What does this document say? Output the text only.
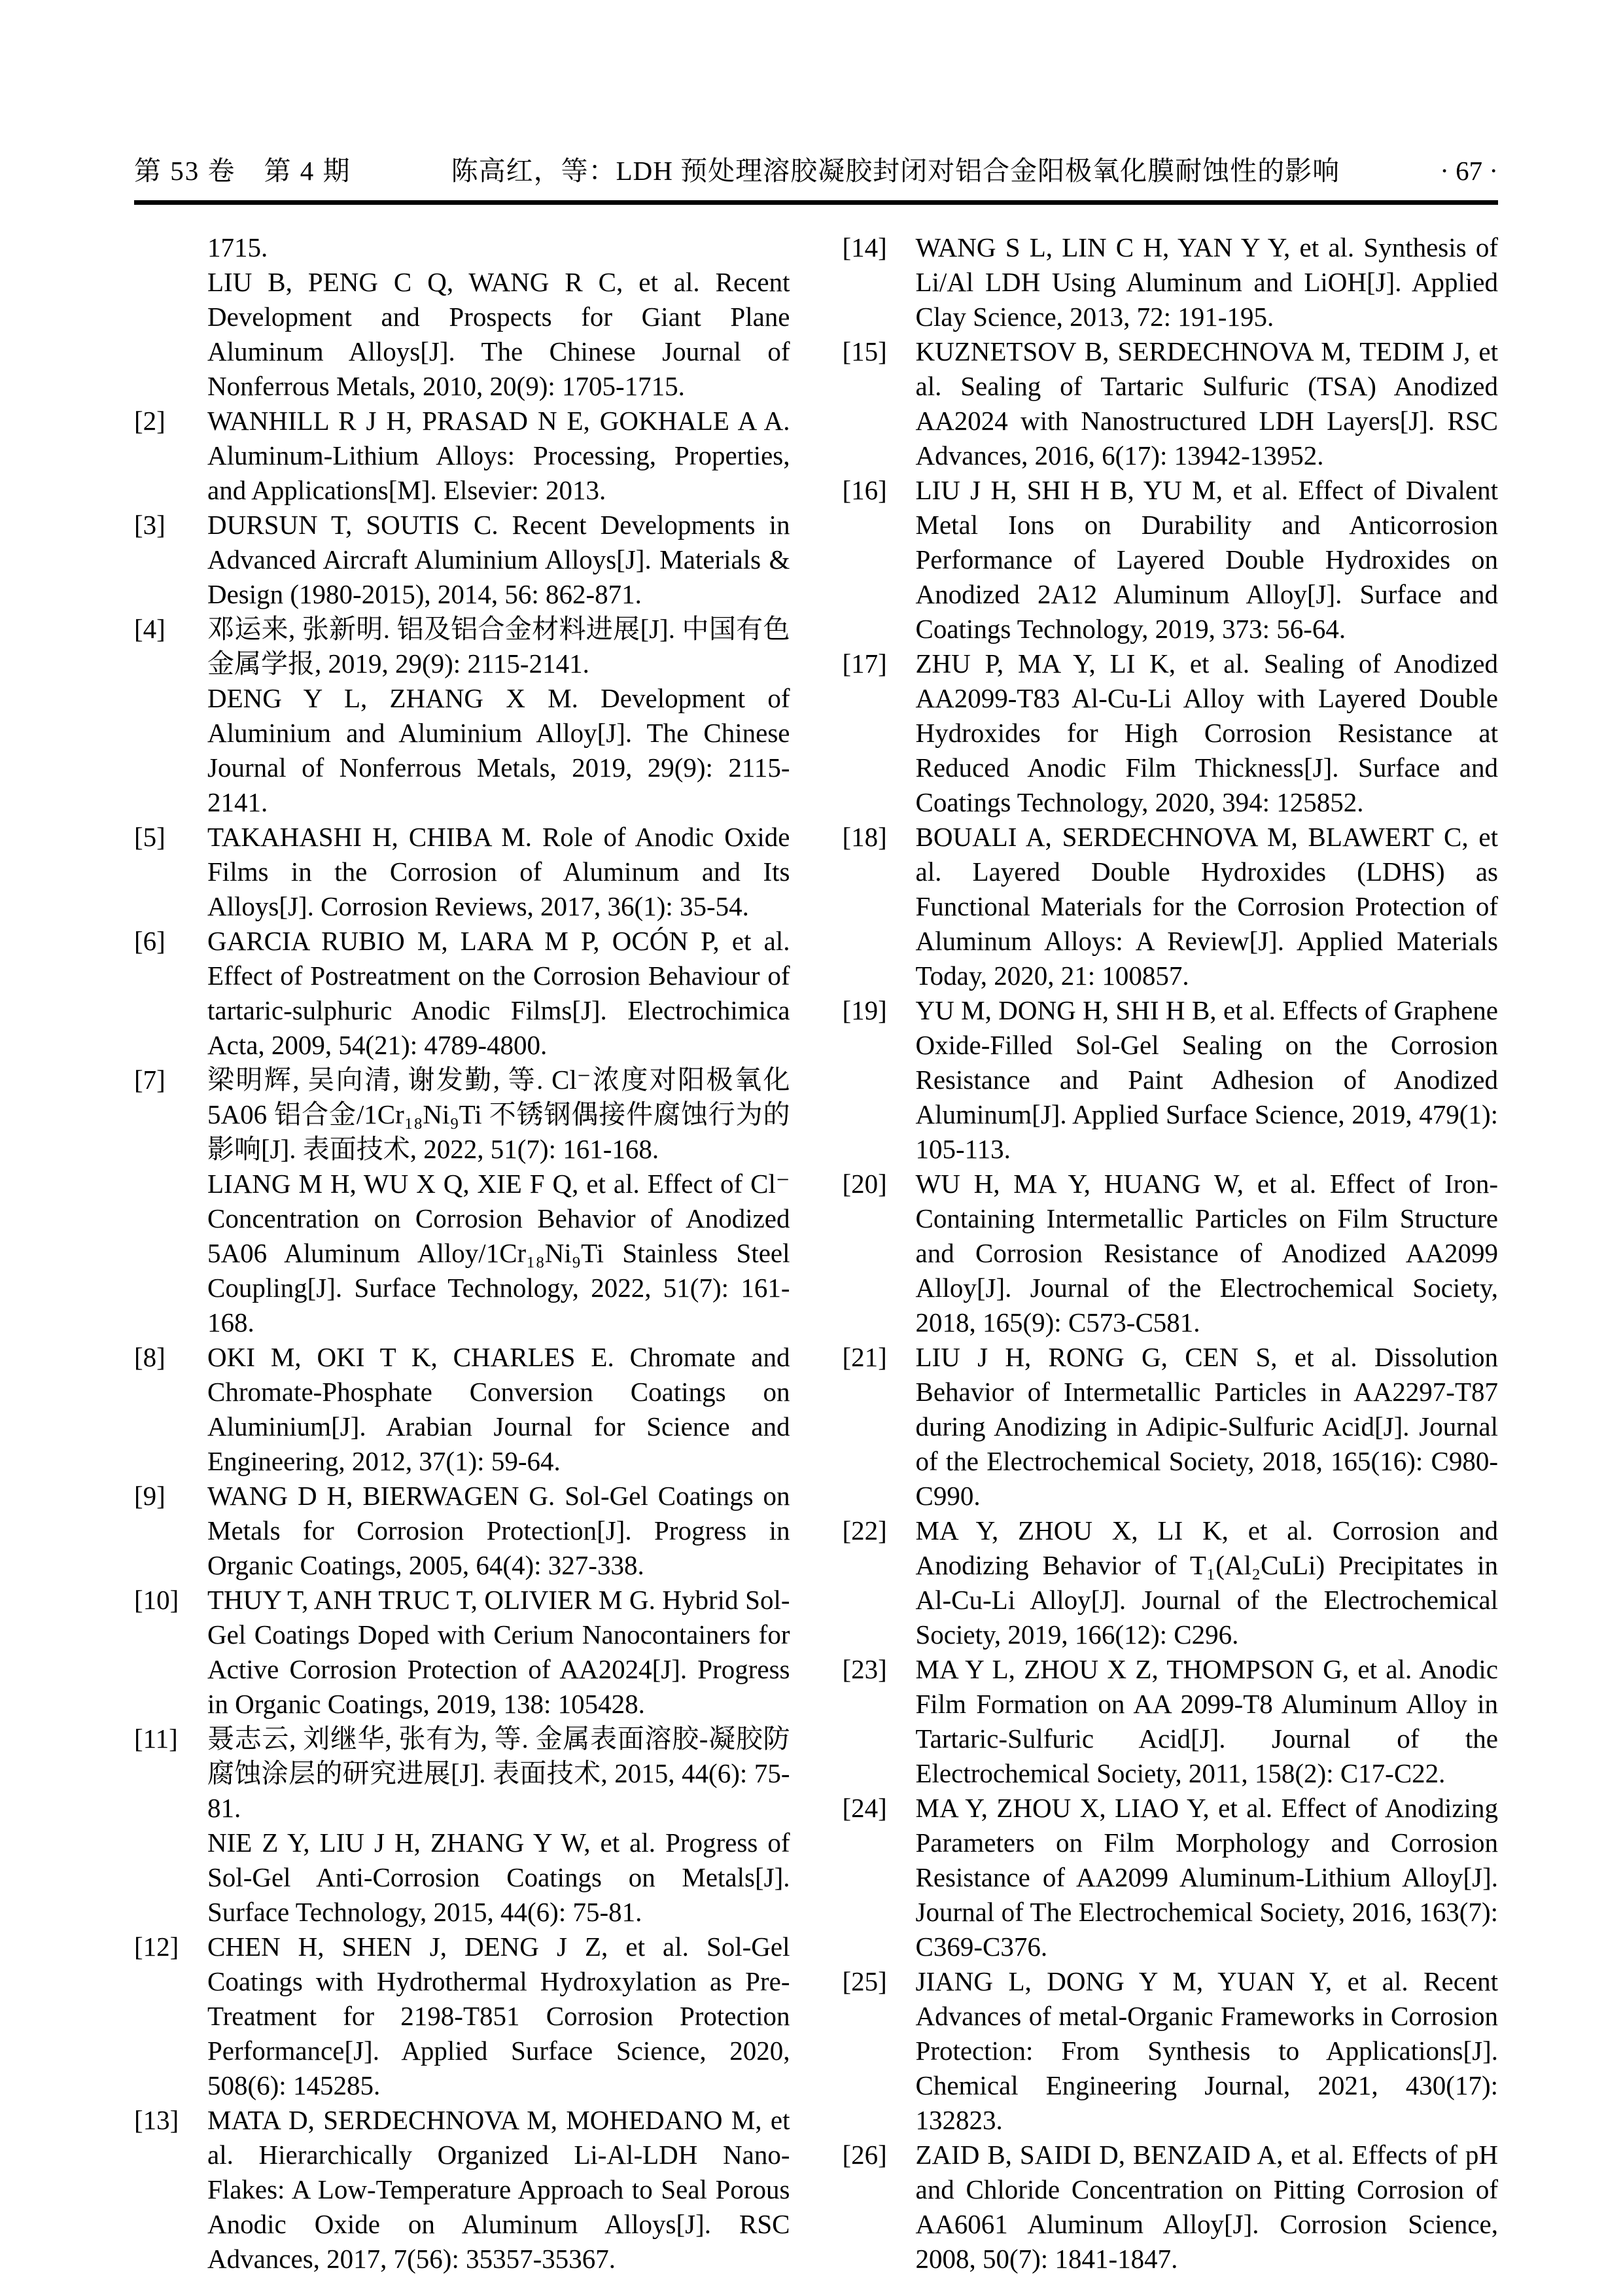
第 53 卷　第 4 期	陈高红，等：LDH 预处理溶胶凝胶封闭对铝合金阳极氧化膜耐蚀性的影响	· 67 ·
1715.
LIU B, PENG C Q, WANG R C, et al. Recent Development and Prospects for Giant Plane Aluminum Alloys[J]. The Chinese Journal of Nonferrous Metals, 2010, 20(9): 1705-1715.
[2]	WANHILL R J H, PRASAD N E, GOKHALE A A. Aluminum-Lithium Alloys: Processing, Properties, and Applications[M]. Elsevier: 2013.
[3]	DURSUN T, SOUTIS C. Recent Developments in Advanced Aircraft Aluminium Alloys[J]. Materials & Design (1980-2015), 2014, 56: 862-871.
[4]	邓运来, 张新明. 铝及铝合金材料进展[J]. 中国有色金属学报, 2019, 29(9): 2115-2141.
DENG Y L, ZHANG X M. Development of Aluminium and Aluminium Alloy[J]. The Chinese Journal of Nonferrous Metals, 2019, 29(9): 2115-2141.
[5]	TAKAHASHI H, CHIBA M. Role of Anodic Oxide Films in the Corrosion of Aluminum and Its Alloys[J]. Corrosion Reviews, 2017, 36(1): 35-54.
[6]	GARCIA RUBIO M, LARA M P, OCÓN P, et al. Effect of Postreatment on the Corrosion Behaviour of tartaric-sulphuric Anodic Films[J]. Electrochimica Acta, 2009, 54(21): 4789-4800.
[7]	梁明辉, 吴向清, 谢发勤, 等. Cl⁻浓度对阳极氧化 5A06 铝合金/1Cr₁₈Ni₉Ti 不锈钢偶接件腐蚀行为的影响[J]. 表面技术, 2022, 51(7): 161-168.
LIANG M H, WU X Q, XIE F Q, et al. Effect of Cl⁻ Concentration on Corrosion Behavior of Anodized 5A06 Aluminum Alloy/1Cr₁₈Ni₉Ti Stainless Steel Coupling[J]. Surface Technology, 2022, 51(7): 161-168.
[8]	OKI M, OKI T K, CHARLES E. Chromate and Chromate-Phosphate Conversion Coatings on Aluminium[J]. Arabian Journal for Science and Engineering, 2012, 37(1): 59-64.
[9]	WANG D H, BIERWAGEN G. Sol-Gel Coatings on Metals for Corrosion Protection[J]. Progress in Organic Coatings, 2005, 64(4): 327-338.
[10]	THUY T, ANH TRUC T, OLIVIER M G. Hybrid Sol-Gel Coatings Doped with Cerium Nanocontainers for Active Corrosion Protection of AA2024[J]. Progress in Organic Coatings, 2019, 138: 105428.
[11]	聂志云, 刘继华, 张有为, 等. 金属表面溶胶-凝胶防腐蚀涂层的研究进展[J]. 表面技术, 2015, 44(6): 75-81.
NIE Z Y, LIU J H, ZHANG Y W, et al. Progress of Sol-Gel Anti-Corrosion Coatings on Metals[J]. Surface Technology, 2015, 44(6): 75-81.
[12]	CHEN H, SHEN J, DENG J Z, et al. Sol-Gel Coatings with Hydrothermal Hydroxylation as Pre-Treatment for 2198-T851 Corrosion Protection Performance[J]. Applied Surface Science, 2020, 508(6): 145285.
[13]	MATA D, SERDECHNOVA M, MOHEDANO M, et al. Hierarchically Organized Li-Al-LDH Nano-Flakes: A Low-Temperature Approach to Seal Porous Anodic Oxide on Aluminum Alloys[J]. RSC Advances, 2017, 7(56): 35357-35367.
[14]	WANG S L, LIN C H, YAN Y Y, et al. Synthesis of Li/Al LDH Using Aluminum and LiOH[J]. Applied Clay Science, 2013, 72: 191-195.
[15]	KUZNETSOV B, SERDECHNOVA M, TEDIM J, et al. Sealing of Tartaric Sulfuric (TSA) Anodized AA2024 with Nanostructured LDH Layers[J]. RSC Advances, 2016, 6(17): 13942-13952.
[16]	LIU J H, SHI H B, YU M, et al. Effect of Divalent Metal Ions on Durability and Anticorrosion Performance of Layered Double Hydroxides on Anodized 2A12 Aluminum Alloy[J]. Surface and Coatings Technology, 2019, 373: 56-64.
[17]	ZHU P, MA Y, LI K, et al. Sealing of Anodized AA2099-T83 Al-Cu-Li Alloy with Layered Double Hydroxides for High Corrosion Resistance at Reduced Anodic Film Thickness[J]. Surface and Coatings Technology, 2020, 394: 125852.
[18]	BOUALI A, SERDECHNOVA M, BLAWERT C, et al. Layered Double Hydroxides (LDHS) as Functional Materials for the Corrosion Protection of Aluminum Alloys: A Review[J]. Applied Materials Today, 2020, 21: 100857.
[19]	YU M, DONG H, SHI H B, et al. Effects of Graphene Oxide-Filled Sol-Gel Sealing on the Corrosion Resistance and Paint Adhesion of Anodized Aluminum[J]. Applied Surface Science, 2019, 479(1): 105-113.
[20]	WU H, MA Y, HUANG W, et al. Effect of Iron-Containing Intermetallic Particles on Film Structure and Corrosion Resistance of Anodized AA2099 Alloy[J]. Journal of the Electrochemical Society, 2018, 165(9): C573-C581.
[21]	LIU J H, RONG G, CEN S, et al. Dissolution Behavior of Intermetallic Particles in AA2297-T87 during Anodizing in Adipic-Sulfuric Acid[J]. Journal of the Electrochemical Society, 2018, 165(16): C980-C990.
[22]	MA Y, ZHOU X, LI K, et al. Corrosion and Anodizing Behavior of T₁(Al₂CuLi) Precipitates in Al-Cu-Li Alloy[J]. Journal of the Electrochemical Society, 2019, 166(12): C296.
[23]	MA Y L, ZHOU X Z, THOMPSON G, et al. Anodic Film Formation on AA 2099-T8 Aluminum Alloy in Tartaric-Sulfuric Acid[J]. Journal of the Electrochemical Society, 2011, 158(2): C17-C22.
[24]	MA Y, ZHOU X, LIAO Y, et al. Effect of Anodizing Parameters on Film Morphology and Corrosion Resistance of AA2099 Aluminum-Lithium Alloy[J]. Journal of The Electrochemical Society, 2016, 163(7): C369-C376.
[25]	JIANG L, DONG Y M, YUAN Y, et al. Recent Advances of metal-Organic Frameworks in Corrosion Protection: From Synthesis to Applications[J]. Chemical Engineering Journal, 2021, 430(17): 132823.
[26]	ZAID B, SAIDI D, BENZAID A, et al. Effects of pH and Chloride Concentration on Pitting Corrosion of AA6061 Aluminum Alloy[J]. Corrosion Science, 2008, 50(7): 1841-1847.
